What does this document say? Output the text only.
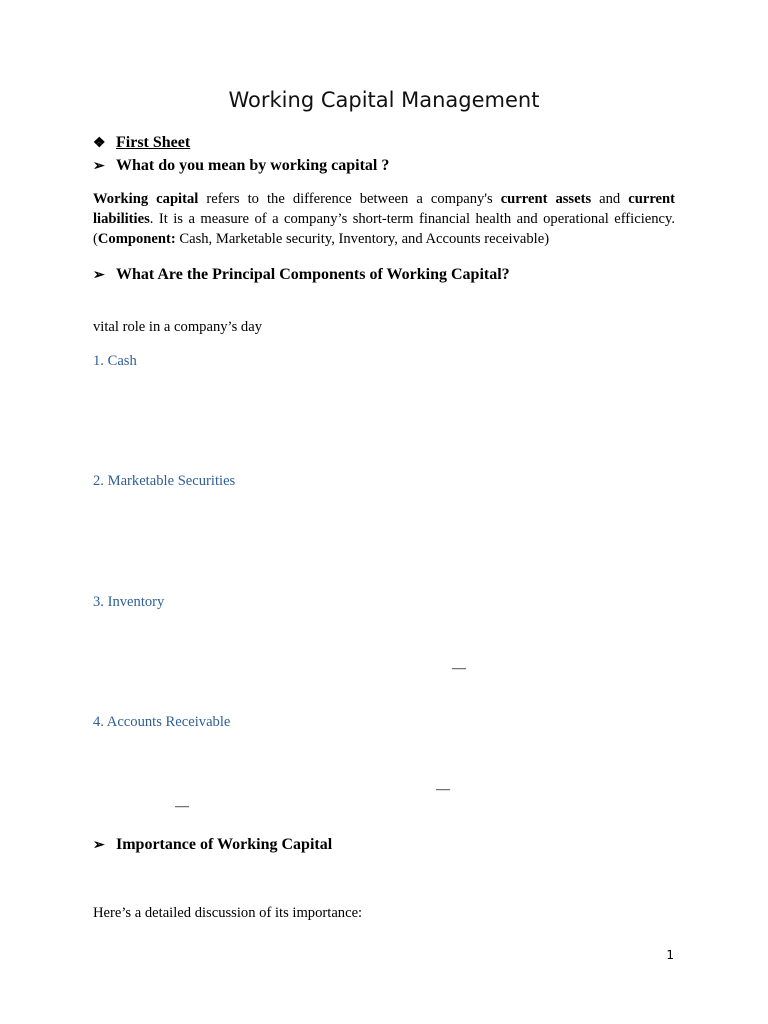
Working Capital Management
❖ First Sheet
➢ What do you mean by working capital ?
Working capital refers to the difference between a company's current assets and current liabilities. It is a measure of a company’s short-term financial health and operational efficiency.(Component: Cash, Marketable security, Inventory, and Accounts receivable)
➢ What Are the Principal Components of Working Capital?
vital role in a company’s day
1. Cash
2. Marketable Securities
3. Inventory
—
4. Accounts Receivable
—
—
➢ Importance of Working Capital
Here’s a detailed discussion of its importance:
1
